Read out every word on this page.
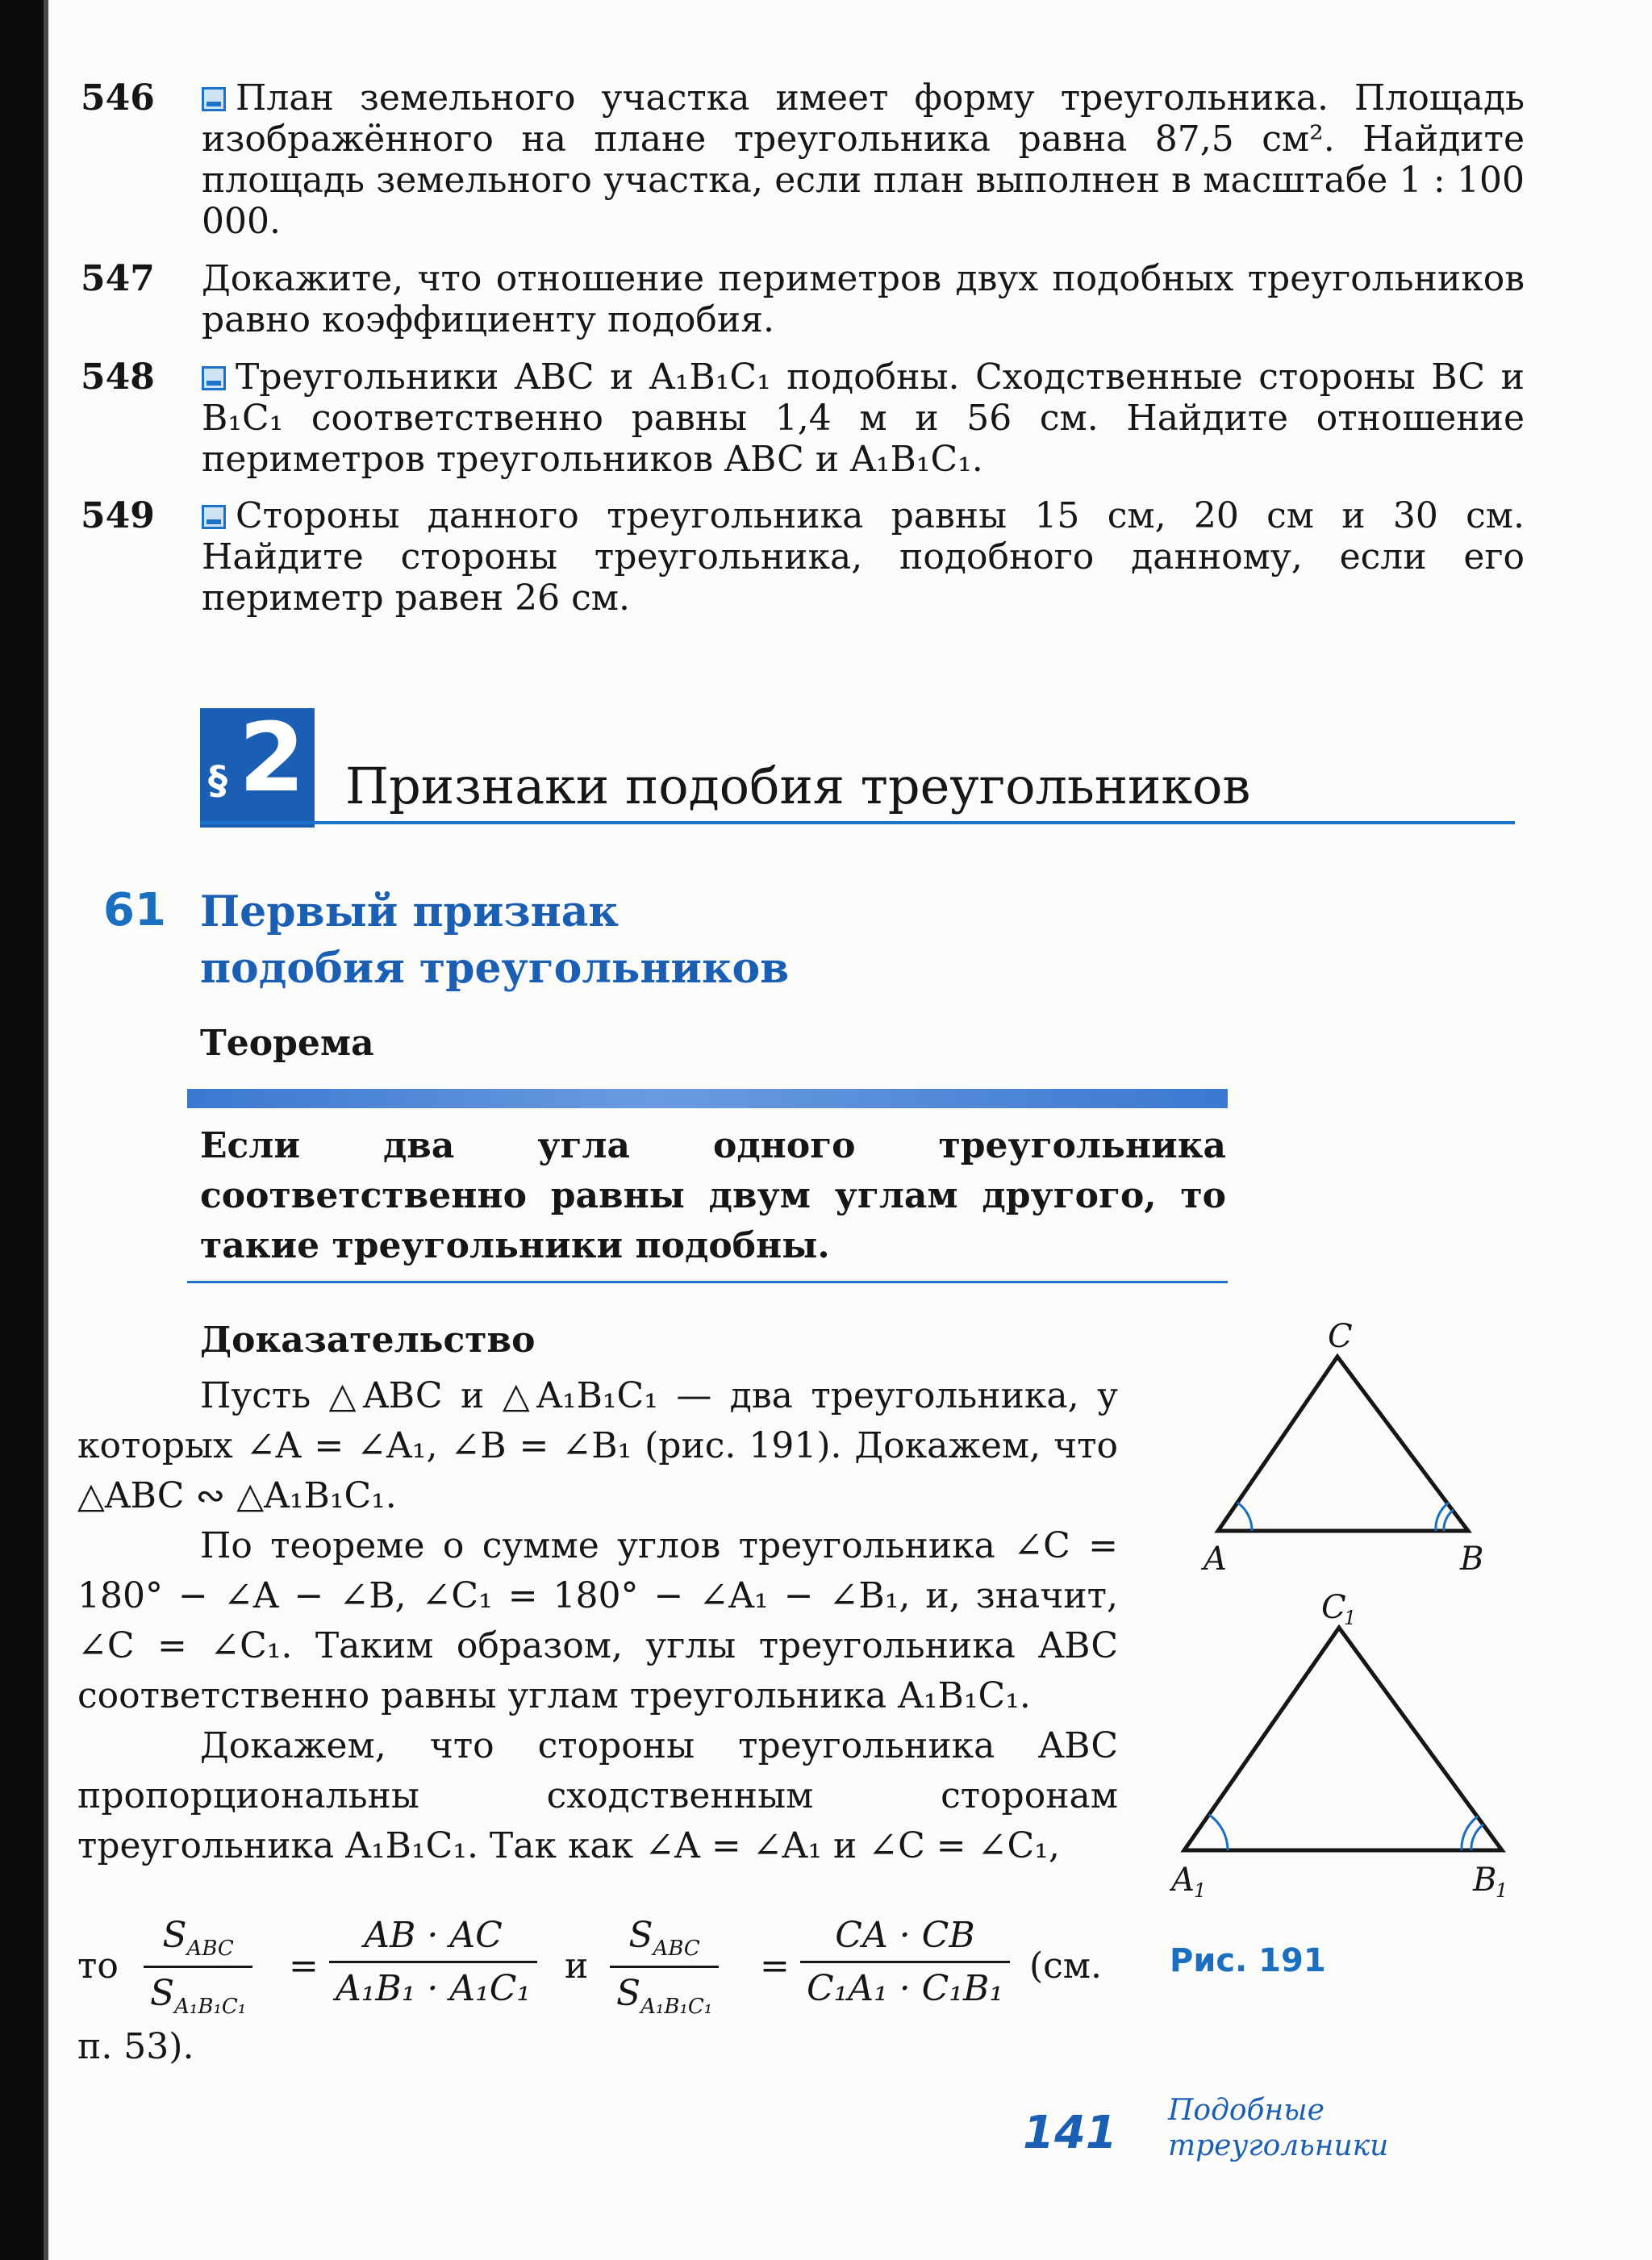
546	План земельного участка имеет форму треугольника. Площадь изображённого на плане треугольника равна 87,5 см². Найдите площадь земельного участка, если план выполнен в масштабе 1 : 100 000.
547 Докажите, что отношение периметров двух подобных треугольников равно коэффициенту подобия.
548	Треугольники ABC и A₁B₁C₁ подобны. Сходственные стороны BC и B₁C₁ соответственно равны 1,4 м и 56 см. Найдите отношение периметров треугольников ABC и A₁B₁C₁.
549	Стороны данного треугольника равны 15 см, 20 см и 30 см. Найдите стороны треугольника, подобного данному, если его периметр равен 26 см.
§ 2 Признаки подобия треугольников
61 Первый признак
подобия треугольников
Теорема
Если два угла одного треугольника соответственно равны двум углам другого, то такие треугольники подобны.
Доказательство

Пусть △ABC и △A₁B₁C₁ — два треугольника, у которых ∠A = ∠A₁, ∠B = ∠B₁ (рис. 191). Докажем, что △ABC ∾ △A₁B₁C₁.

По теореме о сумме углов треугольника ∠C = 180° − ∠A − ∠B, ∠C₁ = 180° − ∠A₁ − ∠B₁, и, значит, ∠C = ∠C₁. Таким образом, углы треугольника ABC соответственно равны углам треугольника A₁B₁C₁.

Докажем, что стороны треугольника ABC пропорциональны сходственным сторонам треугольника A₁B₁C₁. Так как ∠A = ∠A₁ и ∠C = ∠C₁,

то
$S_{ABC}$
$S_{A_1B_1C_1}$
= $\frac{AB \cdot AC}{\text{A₁B₁ · A₁C₁}}$ и
$S_{ABC}$
$S_{A_1B_1C_1}$
= $\frac{CA \cdot CB}{\text{C₁A₁ · C₁B₁}} (см$.
п. 53).
A	B
C
A 1	B
1
C
1
Рис. 191
141 Подобные
треугольники
